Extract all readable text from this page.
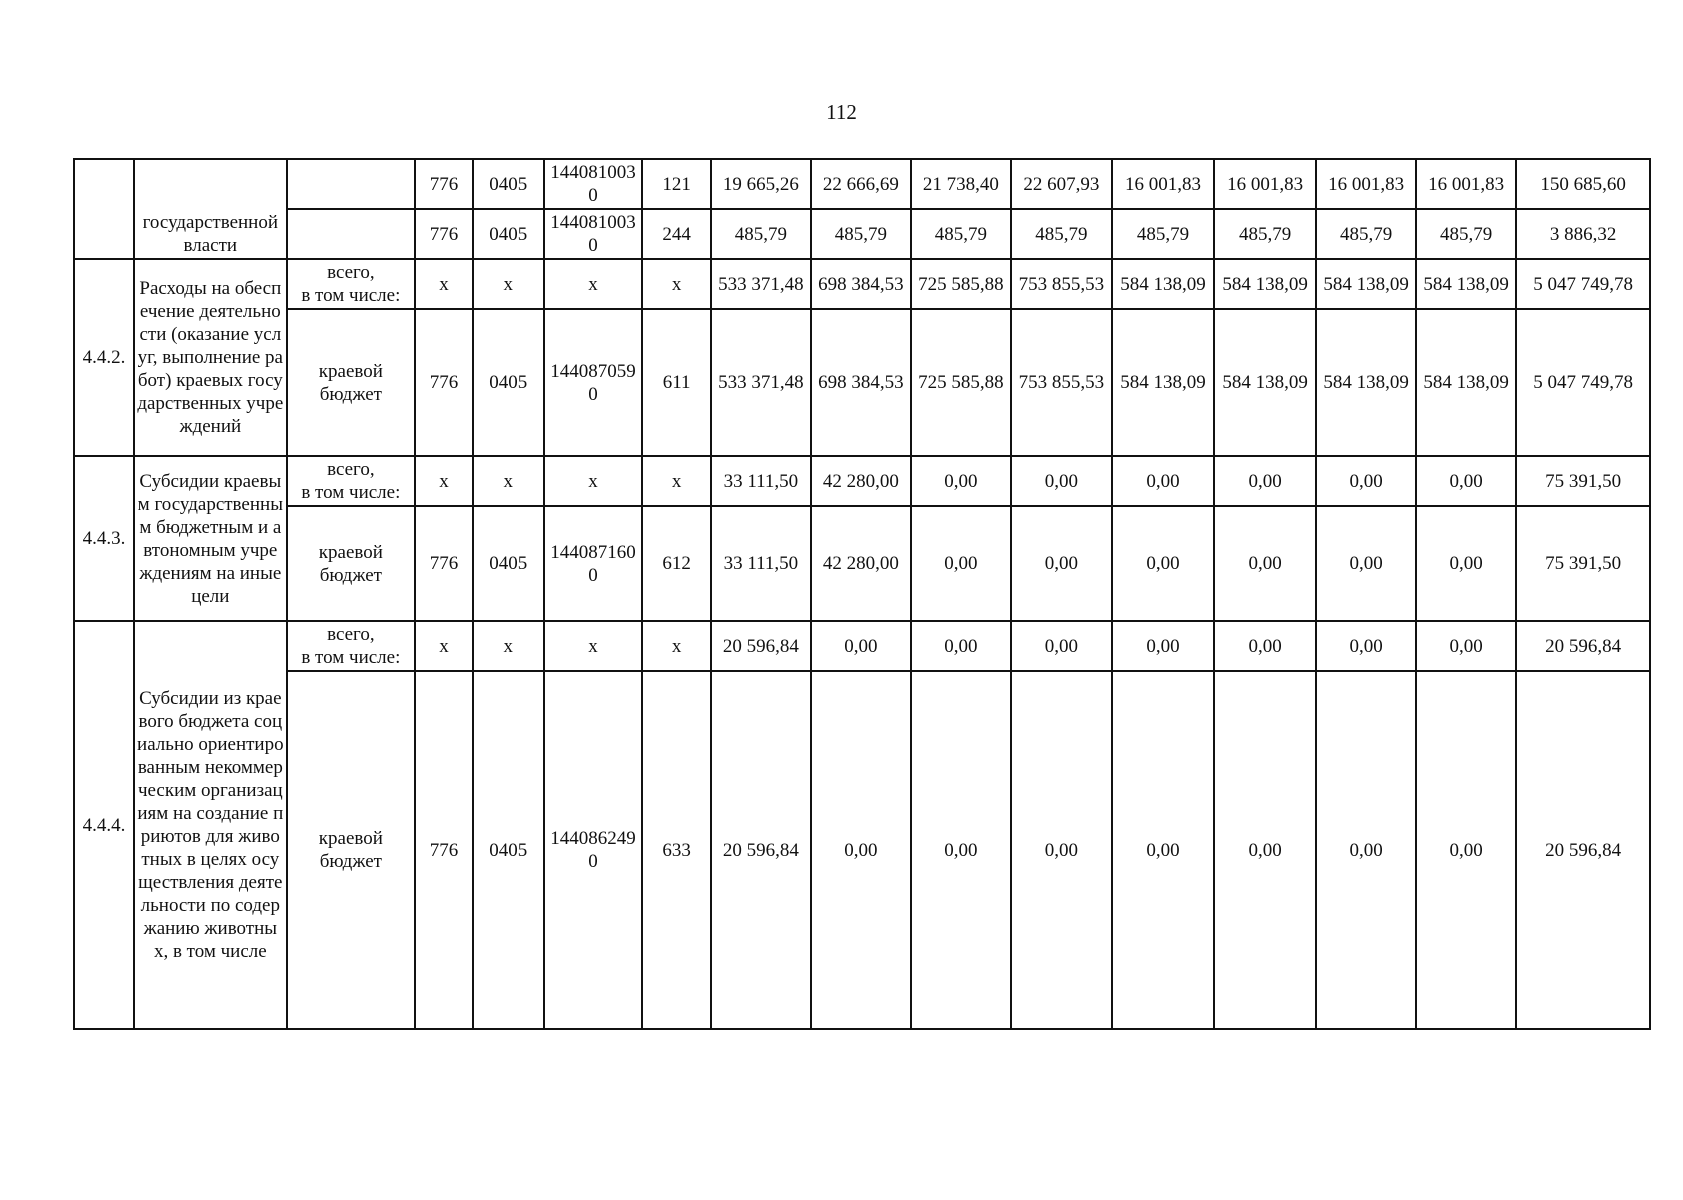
112
	государственной власти		776	0405	1440810030	121	19 665,26	22 666,69	21 738,40	22 607,93	16 001,83	16 001,83	16 001,83	16 001,83	150 685,60

			776	0405	1440810030	244	485,79	485,79	485,79	485,79	485,79	485,79	485,79	485,79	3 886,32
4.4.2.	Расходы на обеспечение деятельности (оказание услуг, выполнение работ) краевых государственных учреждений	всего,
в том числе:	x	x	x	x	533 371,48	698 384,53	725 585,88	753 855,53	584 138,09	584 138,09	584 138,09	584 138,09	5 047 749,78

		краевой
бюджет	776	0405	1440870590	611	533 371,48	698 384,53	725 585,88	753 855,53	584 138,09	584 138,09	584 138,09	584 138,09	5 047 749,78
4.4.3.	Субсидии краевым государственным бюджетным и автономным учреждениям на иные цели	всего,
в том числе:	x	x	x	x	33 111,50	42 280,00	0,00	0,00	0,00	0,00	0,00	0,00	75 391,50

		краевой
бюджет	776	0405	1440871600	612	33 111,50	42 280,00	0,00	0,00	0,00	0,00	0,00	0,00	75 391,50
4.4.4.	Субсидии из краевого бюджета социально ориентированным некоммерческим организациям на создание приютов для животных в целях осуществления деятельности по содержанию животных, в том числе	всего,
в том числе:	x	x	x	x	20 596,84	0,00	0,00	0,00	0,00	0,00	0,00	0,00	20 596,84

		краевой
бюджет	776	0405	1440862490	633	20 596,84	0,00	0,00	0,00	0,00	0,00	0,00	0,00	20 596,84
